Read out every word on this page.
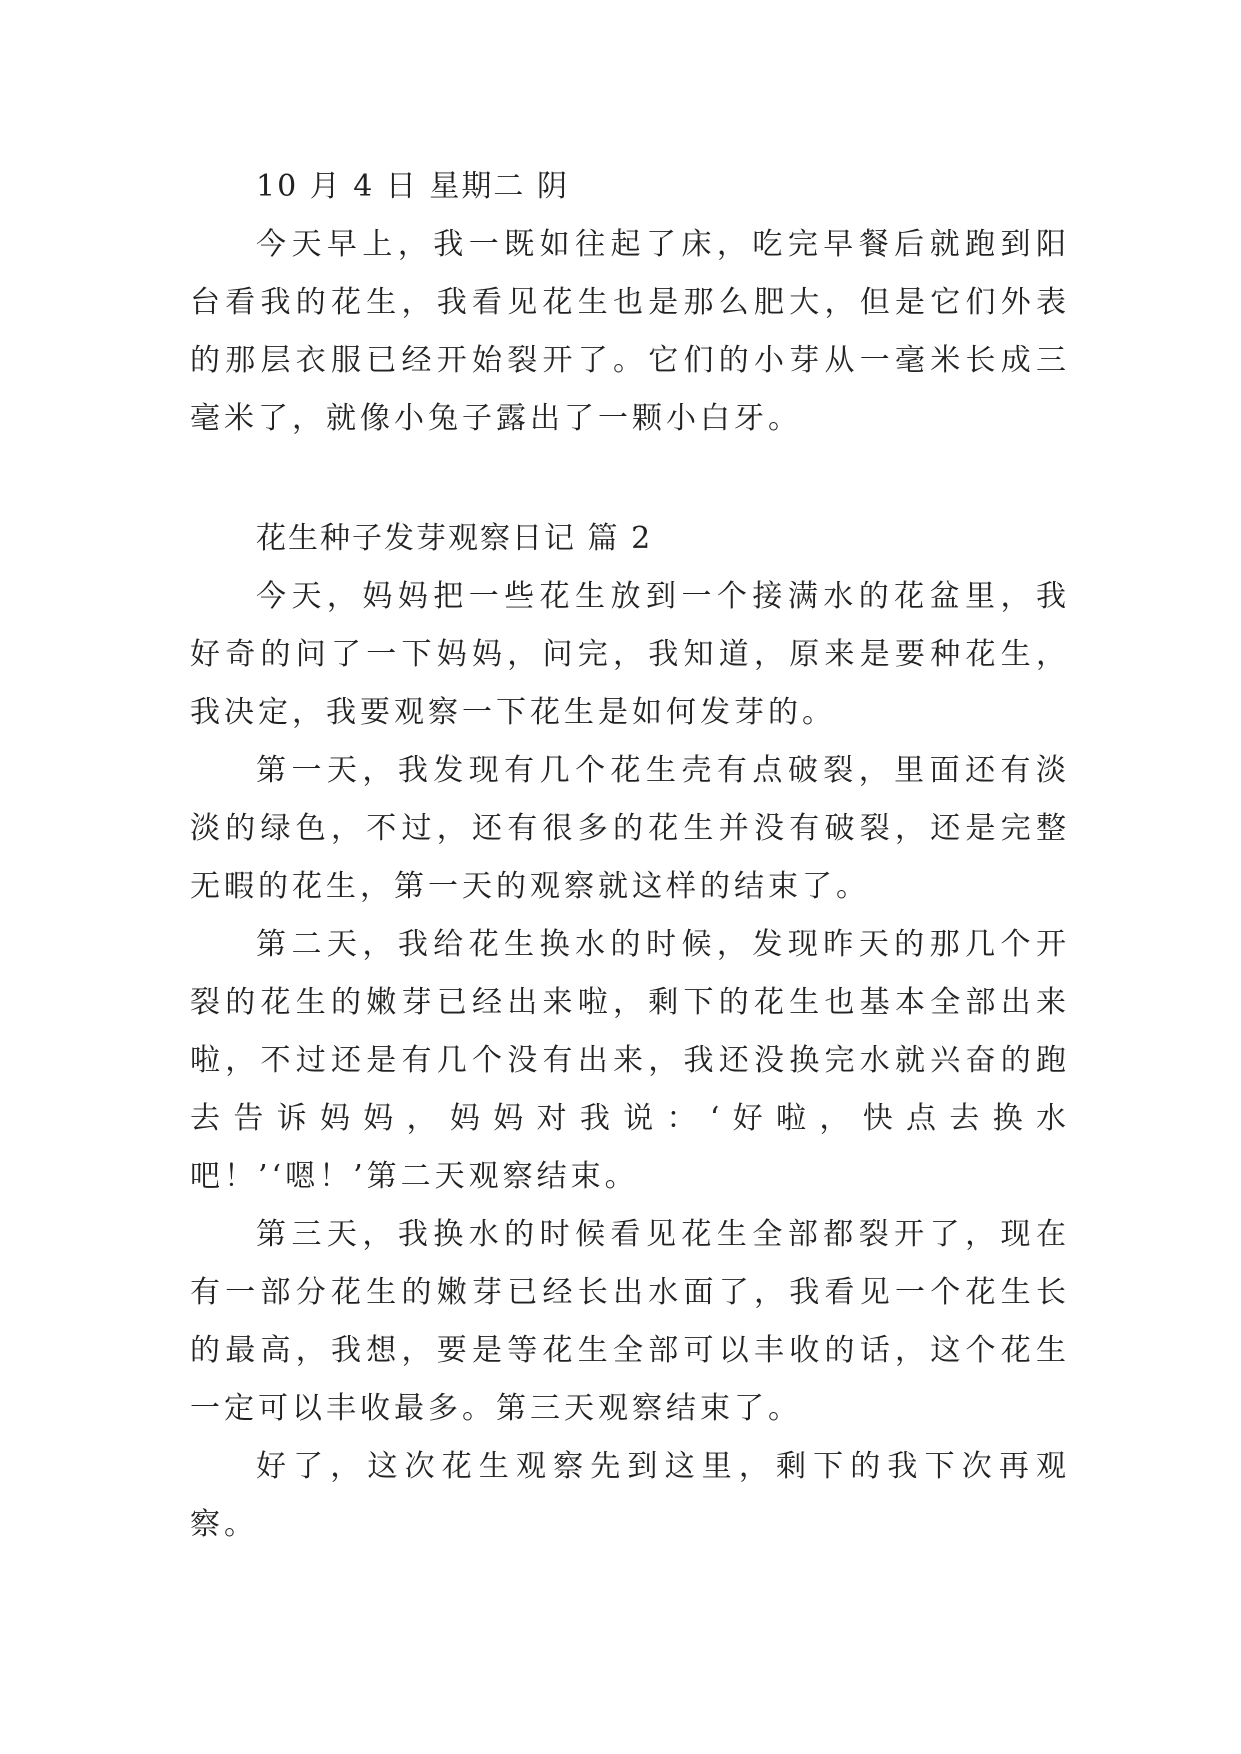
10 月 4 日 星期二 阴

今天早上，我一既如往起了床，吃完早餐后就跑到阳台看我的花生，我看见花生也是那么肥大，但是它们外表的那层衣服已经开始裂开了。它们的小芽从一毫米长成三毫米了，就像小兔子露出了一颗小白牙。

花生种子发芽观察日记 篇 2

今天，妈妈把一些花生放到一个接满水的花盆里，我好奇的问了一下妈妈，问完，我知道，原来是要种花生，我决定，我要观察一下花生是如何发芽的。

第一天，我发现有几个花生壳有点破裂，里面还有淡淡的绿色，不过，还有很多的花生并没有破裂，还是完整无暇的花生，第一天的观察就这样的结束了。

第二天，我给花生换水的时候，发现昨天的那几个开裂的花生的嫩芽已经出来啦，剩下的花生也基本全部出来啦，不过还是有几个没有出来，我还没换完水就兴奋的跑去告诉妈妈，妈妈对我说：‘好啦，快点去换水吧！’‘嗯！’第二天观察结束。

第三天，我换水的时候看见花生全部都裂开了，现在有一部分花生的嫩芽已经长出水面了，我看见一个花生长的最高，我想，要是等花生全部可以丰收的话，这个花生一定可以丰收最多。第三天观察结束了。

好了，这次花生观察先到这里，剩下的我下次再观察。
